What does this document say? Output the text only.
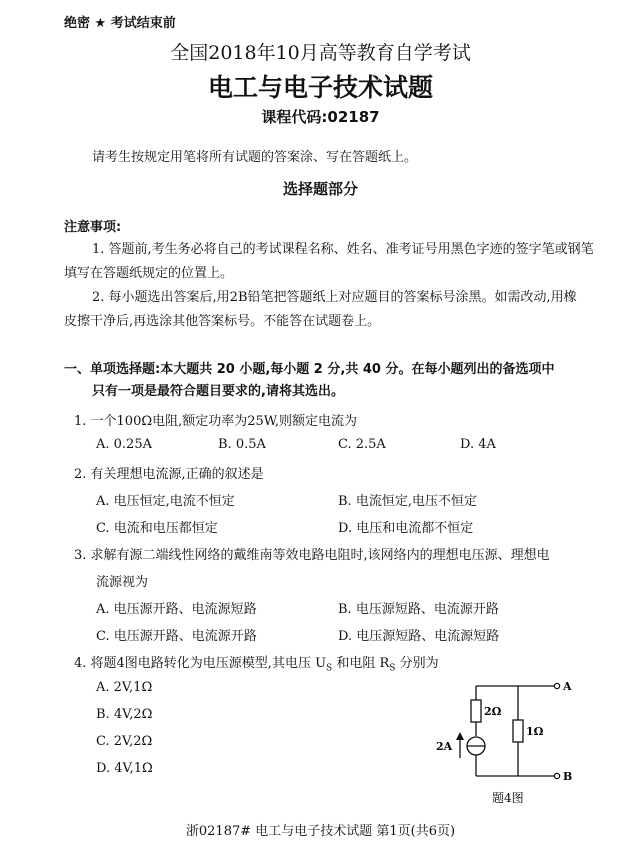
绝密 ★ 考试结束前
全国2018年10月高等教育自学考试
电工与电子技术试题
课程代码:02187
请考生按规定用笔将所有试题的答案涂、写在答题纸上。
选择题部分
注意事项:
1. 答题前,考生务必将自己的考试课程名称、姓名、准考证号用黑色字迹的签字笔或钢笔
填写在答题纸规定的位置上。
2. 每小题选出答案后,用2B铅笔把答题纸上对应题目的答案标号涂黑。如需改动,用橡
皮擦干净后,再选涂其他答案标号。不能答在试题卷上。
一、单项选择题:本大题共 20 小题,每小题 2 分,共 40 分。在每小题列出的备选项中
只有一项是最符合题目要求的,请将其选出。
1. 一个100Ω电阻,额定功率为25W,则额定电流为
A. 0.25A	B. 0.5A	C. 2.5A	D. 4A
2. 有关理想电流源,正确的叙述是
A. 电压恒定,电流不恒定	B. 电流恒定,电压不恒定
C. 电流和电压都恒定	D. 电压和电流都不恒定
3. 求解有源二端线性网络的戴维南等效电路电阻时,该网络内的理想电压源、理想电
流源视为
A. 电压源开路、电流源短路	B. 电压源短路、电流源开路
C. 电压源开路、电流源开路	D. 电压源短路、电流源短路
4. 将题4图电路转化为电压源模型,其电压 $U_S$ 和电阻 $R_S$ 分别为
A. 2V,1Ω
B. 4V,2Ω
C. 2V,2Ω
D. 4V,1Ω
A
B
2Ω
1Ω
2A
题4图
浙02187# 电工与电子技术试题 第1页(共6页)
